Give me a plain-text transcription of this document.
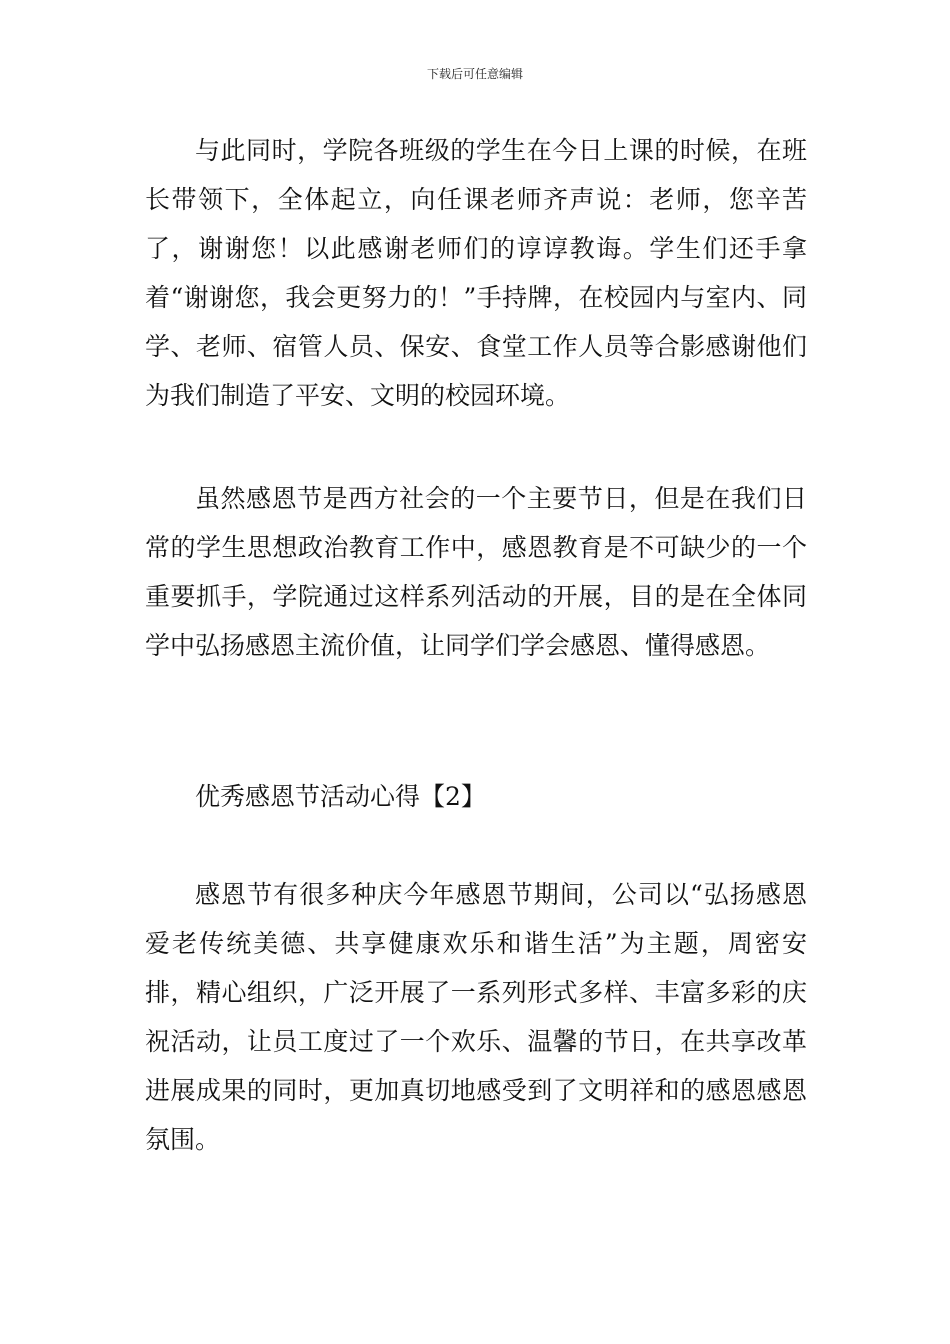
下载后可任意编辑

与此同时，学院各班级的学生在今日上课的时候，在班长带领下，全体起立，向任课老师齐声说：老师，您辛苦了，谢谢您！以此感谢老师们的谆谆教诲。学生们还手拿着“谢谢您，我会更努力的！”手持牌，在校园内与室内、同学、老师、宿管人员、保安、食堂工作人员等合影感谢他们为我们制造了平安、文明的校园环境。

虽然感恩节是西方社会的一个主要节日，但是在我们日常的学生思想政治教育工作中，感恩教育是不可缺少的一个重要抓手，学院通过这样系列活动的开展，目的是在全体同学中弘扬感恩主流价值，让同学们学会感恩、懂得感恩。

优秀感恩节活动心得【2】

感恩节有很多种庆今年感恩节期间，公司以“弘扬感恩爱老传统美德、共享健康欢乐和谐生活”为主题，周密安排，精心组织，广泛开展了一系列形式多样、丰富多彩的庆祝活动，让员工度过了一个欢乐、温馨的节日，在共享改革进展成果的同时，更加真切地感受到了文明祥和的感恩感恩氛围。
